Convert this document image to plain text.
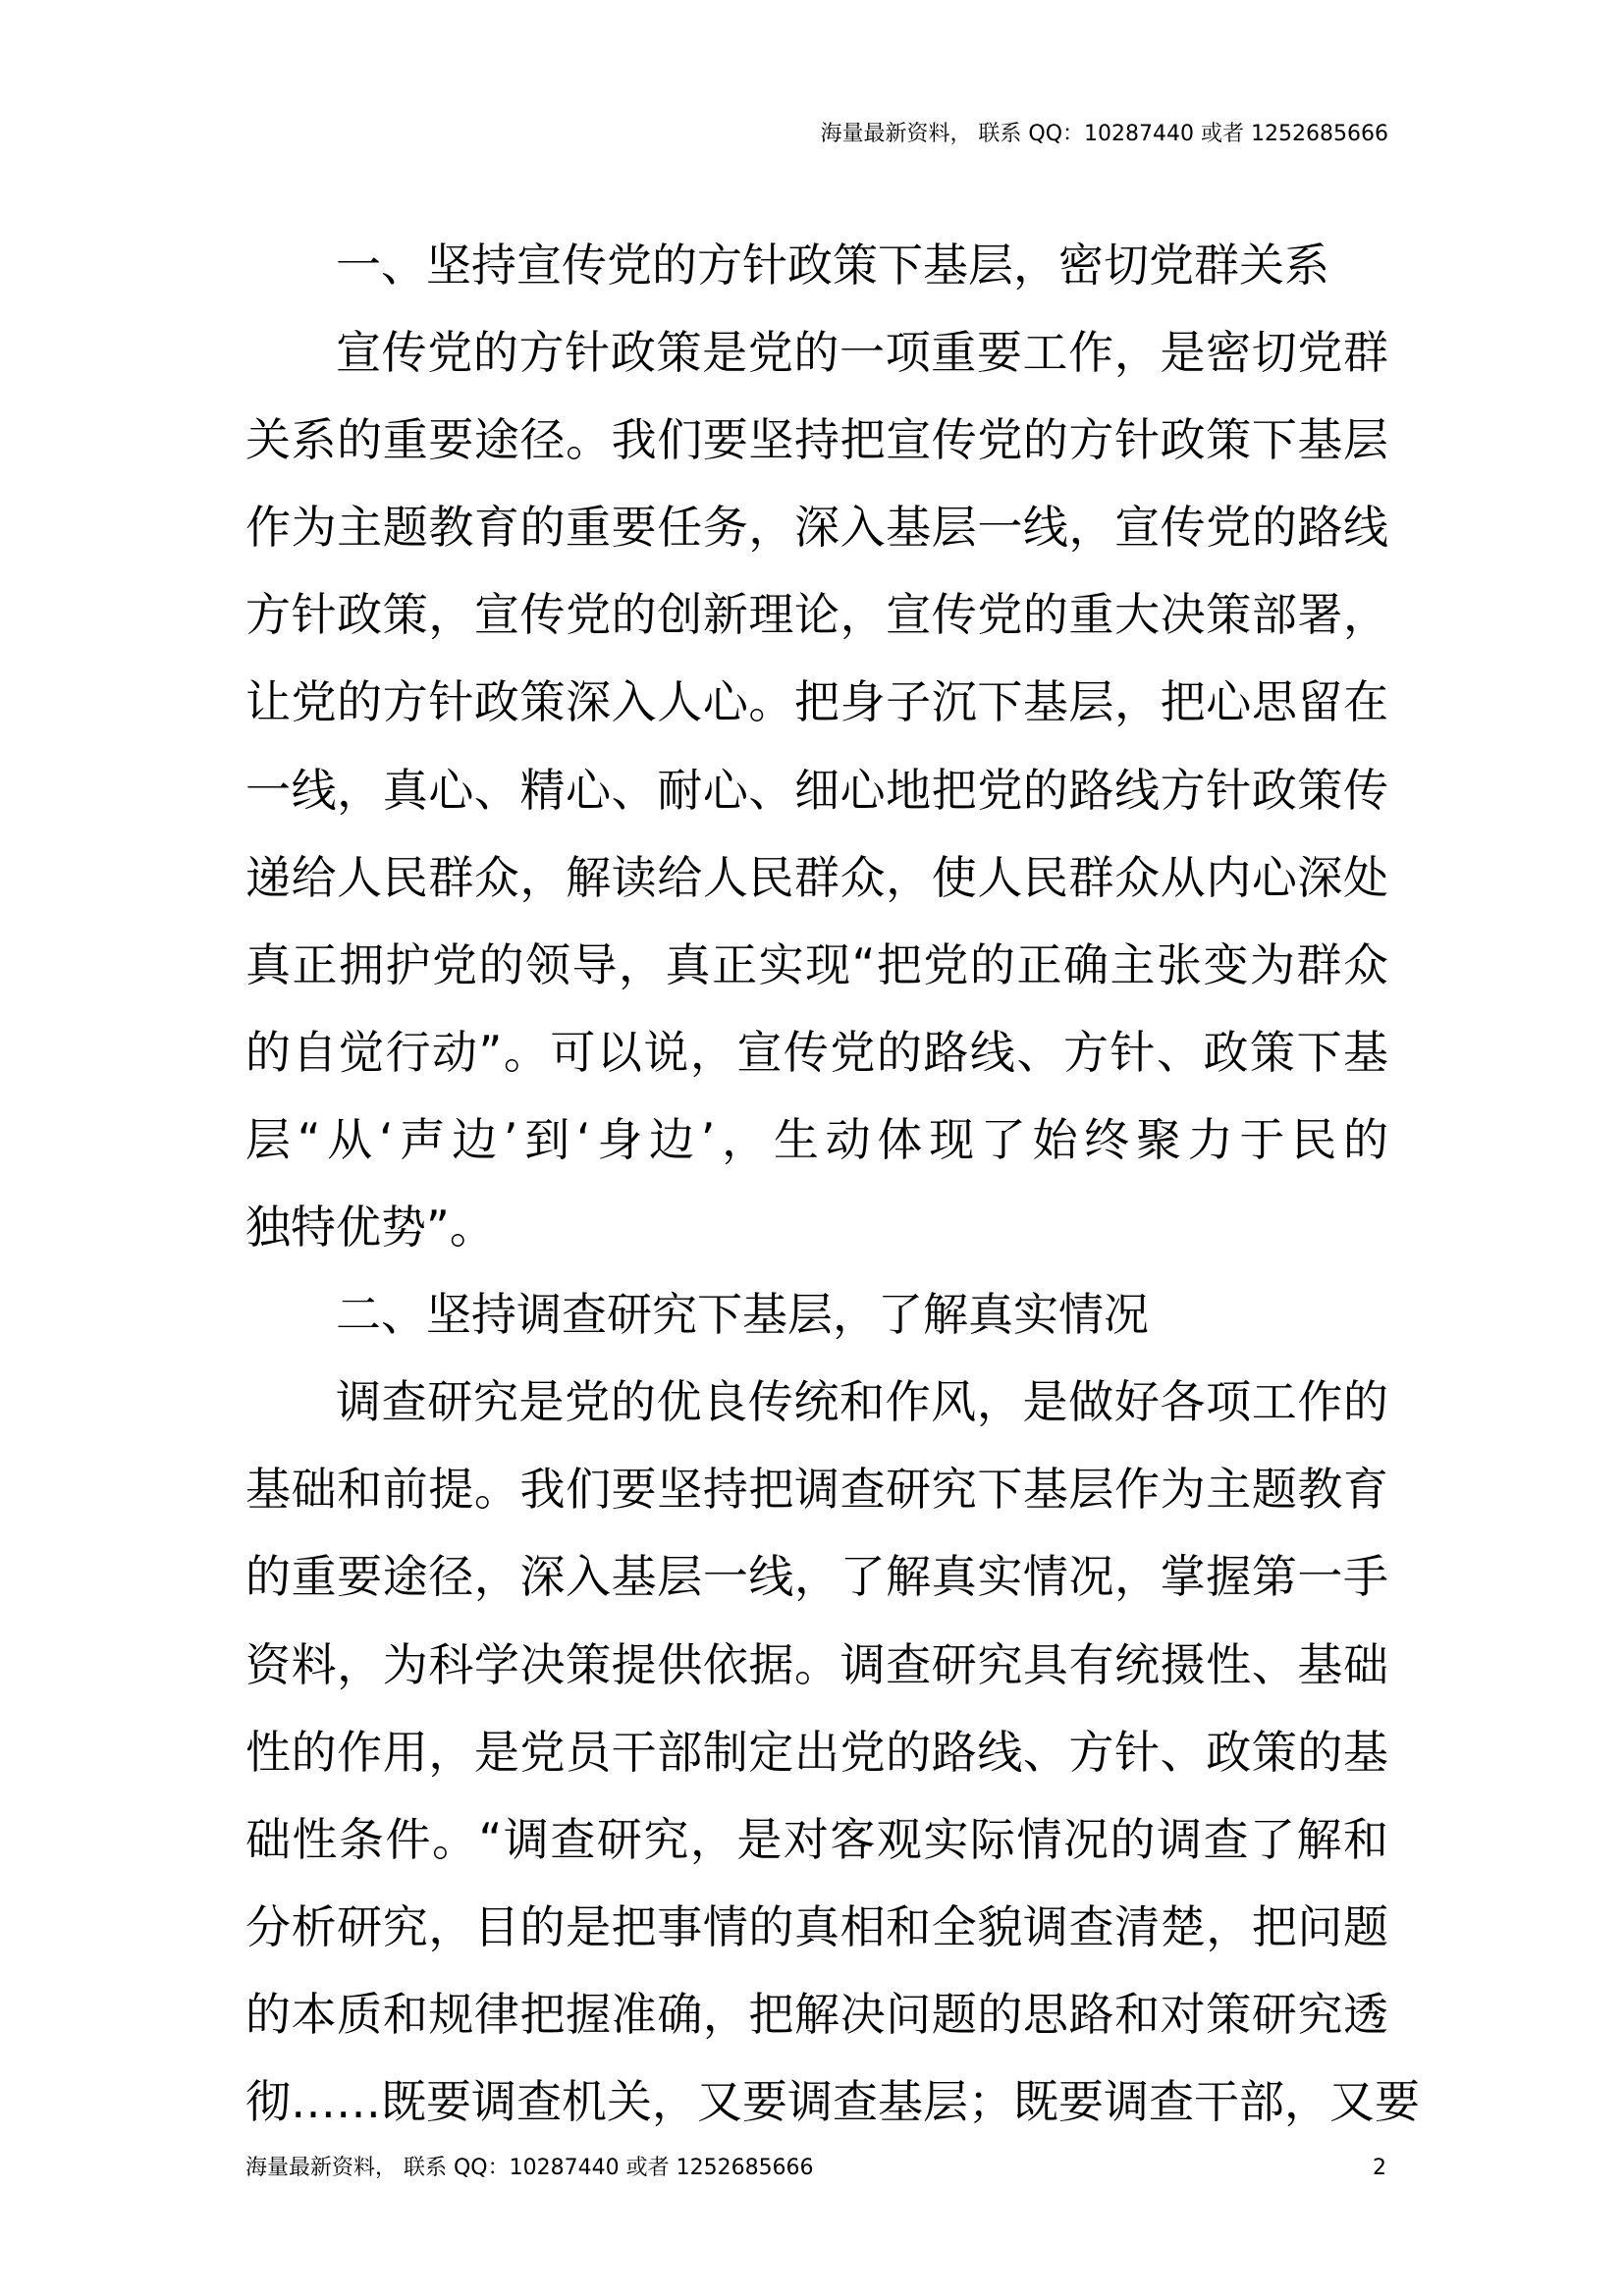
海量最新资料， 联系 QQ：10287440 或者 1252685666
一、坚持宣传党的方针政策下基层，密切党群关系
宣传党的方针政策是党的一项重要工作，是密切党群
关系的重要途径。我们要坚持把宣传党的方针政策下基层
作为主题教育的重要任务，深入基层一线，宣传党的路线
方针政策，宣传党的创新理论，宣传党的重大决策部署，
让党的方针政策深入人心。把身子沉下基层，把心思留在
一线，真心、精心、耐心、细心地把党的路线方针政策传
递给人民群众，解读给人民群众，使人民群众从内心深处
真正拥护党的领导，真正实现“把党的正确主张变为群众
的自觉行动”。可以说，宣传党的路线、方针、政策下基
层“从‘声边’到‘身边’，生动体现了始终聚力于民的
独特优势”。
二、坚持调查研究下基层，了解真实情况
调查研究是党的优良传统和作风，是做好各项工作的
基础和前提。我们要坚持把调查研究下基层作为主题教育
的重要途径，深入基层一线，了解真实情况，掌握第一手
资料，为科学决策提供依据。调查研究具有统摄性、基础
性的作用，是党员干部制定出党的路线、方针、政策的基
础性条件。“调查研究，是对客观实际情况的调查了解和
分析研究，目的是把事情的真相和全貌调查清楚，把问题
的本质和规律把握准确，把解决问题的思路和对策研究透
彻……既要调查机关，又要调查基层；既要调查干部，又要
海量最新资料， 联系 QQ：10287440 或者 1252685666	2
